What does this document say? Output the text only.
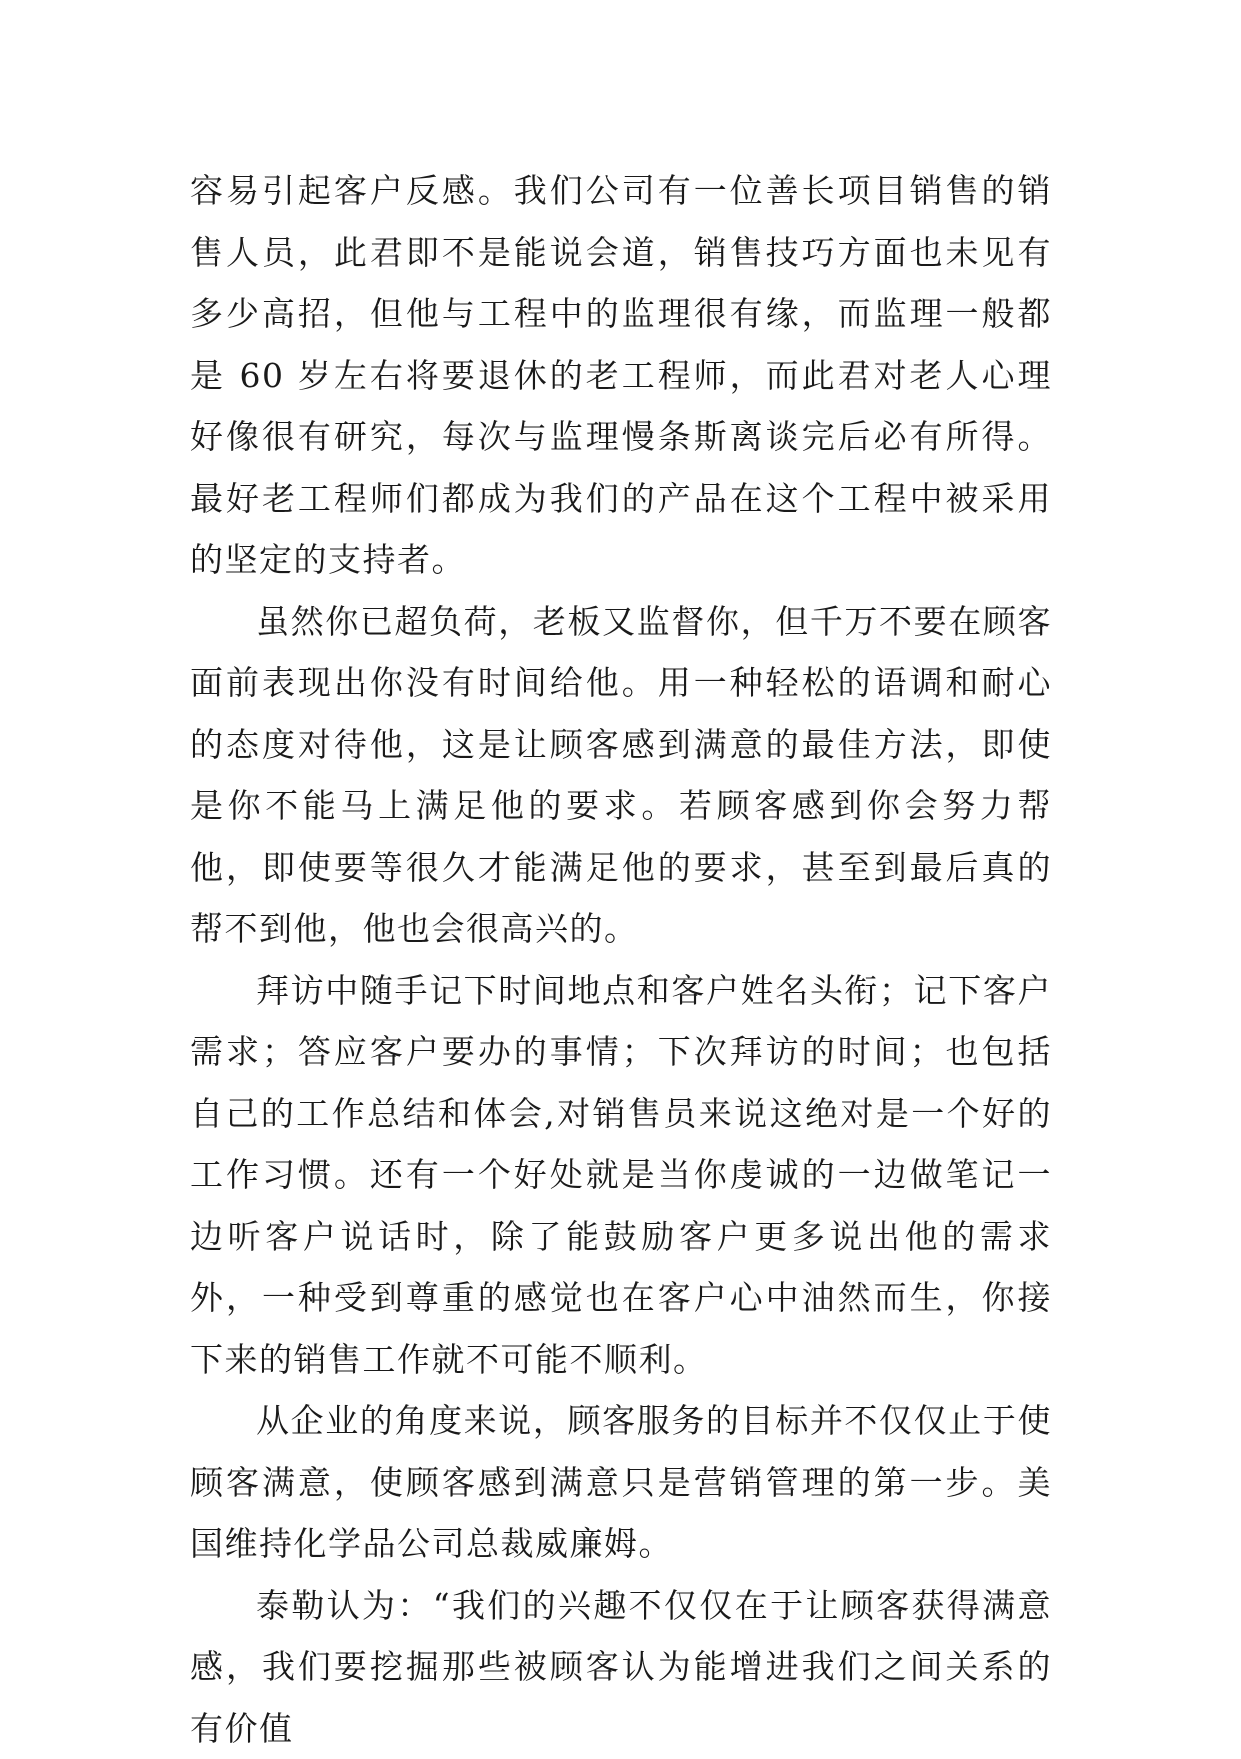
容易引起客户反感。我们公司有一位善长项目销售的销售人员，此君即不是能说会道，销售技巧方面也未见有多少高招，但他与工程中的监理很有缘，而监理一般都是 60 岁左右将要退休的老工程师，而此君对老人心理好像很有研究，每次与监理慢条斯离谈完后必有所得。最好老工程师们都成为我们的产品在这个工程中被采用的坚定的支持者。

虽然你已超负荷，老板又监督你，但千万不要在顾客面前表现出你没有时间给他。用一种轻松的语调和耐心的态度对待他，这是让顾客感到满意的最佳方法，即使是你不能马上满足他的要求。若顾客感到你会努力帮他，即使要等很久才能满足他的要求，甚至到最后真的帮不到他，他也会很高兴的。

拜访中随手记下时间地点和客户姓名头衔；记下客户需求；答应客户要办的事情；下次拜访的时间；也包括自己的工作总结和体会,对销售员来说这绝对是一个好的工作习惯。还有一个好处就是当你虔诚的一边做笔记一边听客户说话时，除了能鼓励客户更多说出他的需求外，一种受到尊重的感觉也在客户心中油然而生，你接下来的销售工作就不可能不顺利。

从企业的角度来说，顾客服务的目标并不仅仅止于使顾客满意，使顾客感到满意只是营销管理的第一步。美国维持化学品公司总裁威廉姆。

泰勒认为：“我们的兴趣不仅仅在于让顾客获得满意感，我们要挖掘那些被顾客认为能增进我们之间关系的有价值
